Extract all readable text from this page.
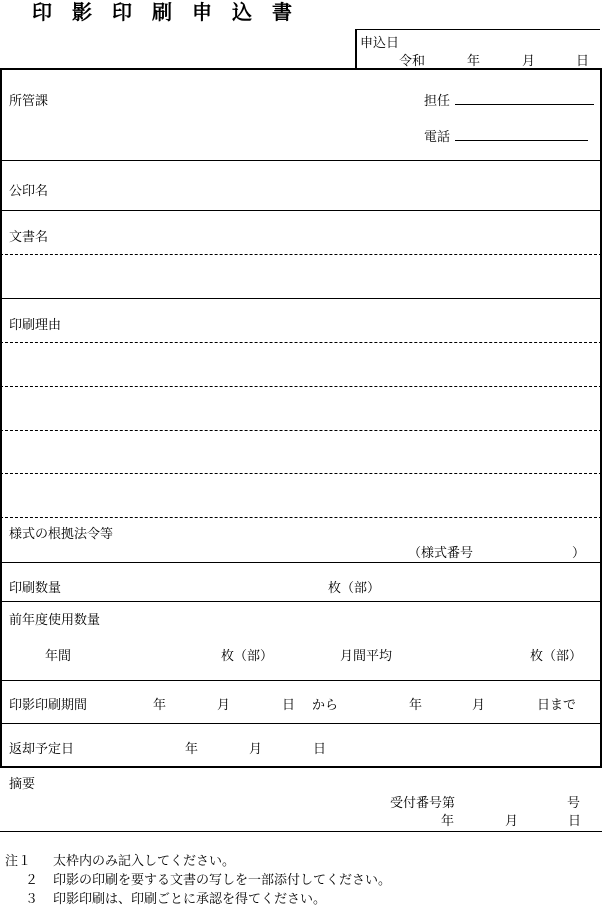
印影印刷申込書
申込日
令和	年	月	日
所管課	担任
電話
公印名
文書名
印刷理由
様式の根拠法令等
（様式番号	）
印刷数量	枚（部）
前年度使用数量
年間	枚（部）	月間平均	枚（部）
印影印刷期間	年	月	日 から	年	月	日まで
返却予定日	年	月	日
摘要
受付番号第	号
年	月	日
注１ 太枠内のみ記入してください。
２ 印影の印刷を要する文書の写しを一部添付してください。
３ 印影印刷は、印刷ごとに承認を得てください。
